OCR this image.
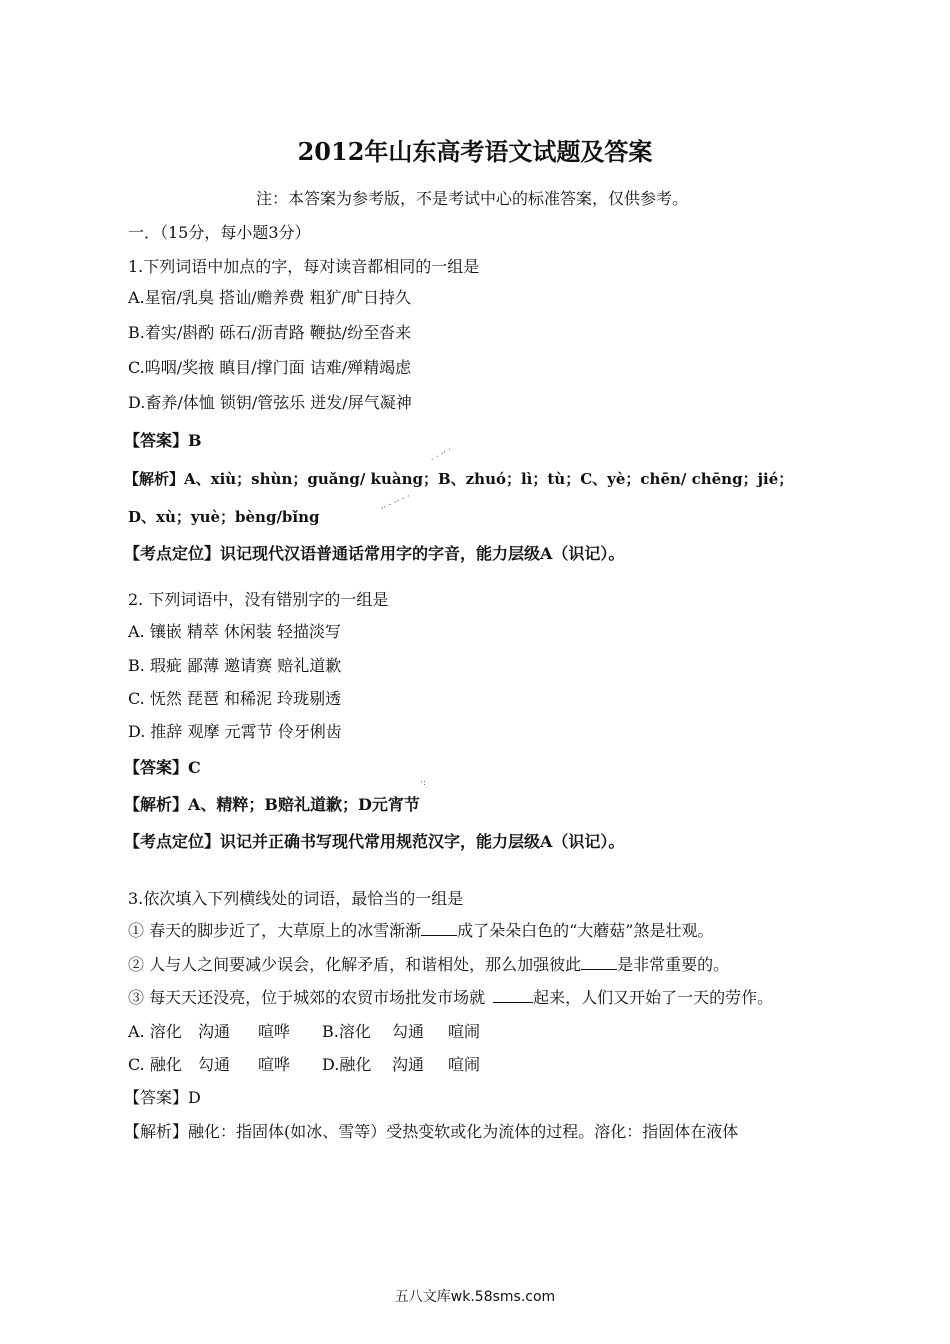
2012年山东高考语文试题及答案
注：本答案为参考版，不是考试中心的标准答案，仅供参考。
一．（15分，每小题3分）
1.下列词语中加点的字，每对读音都相同的一组是
A.星宿/乳臭 搭讪/赡养费 粗犷/旷日持久
B.着实/斟酌 砾石/沥青路 鞭挞/纷至沓来
C.呜咽/奖掖 瞋目/撑门面 诘难/殚精竭虑
D.畜养/体恤 锁钥/管弦乐 迸发/屏气凝神
【答案】B
【解析】A、xiù；shùn；guǎng/ kuàng；B、zhuó；lì；tù；C、yè；chēn/ chēng；jié；
D、xù；yuè；bèng/bǐng
【考点定位】识记现代汉语普通话常用字的字音，能力层级A（识记）。
2. 下列词语中，没有错别字的一组是
A. 镶嵌 精萃 休闲装 轻描淡写
B. 瑕疵 鄙薄 邀请赛 赔礼道歉
C. 怃然 琵琶 和稀泥 玲珑剔透
D. 推辞 观摩 元霄节 伶牙俐齿
【答案】C
【解析】A、精粹；B赔礼道歉；D元宵节
【考点定位】识记并正确书写现代常用规范汉字，能力层级A（识记）。
3.依次填入下列横线处的词语，最恰当的一组是
① 春天的脚步近了，大草原上的冰雪渐渐 成了朵朵白色的“大蘑菇”煞是壮观。
② 人与人之间要减少误会，化解矛盾，和谐相处，那么加强彼此 是非常重要的。
③ 每天天还没亮，位于城郊的农贸市场批发市场就	起来，人们又开始了一天的劳作。
A. 溶化 沟通 喧哗 B.溶化 勾通 喧闹
C. 融化 勾通 喧哗 D.融化 沟通 喧闹
【答案】D
【解析】融化：指固体(如冰、雪等）受热变软或化为流体的过程。溶化：指固体在液体
· · ·· ·
·· · ·· · ·
·:
五八文库wk.58sms.com
